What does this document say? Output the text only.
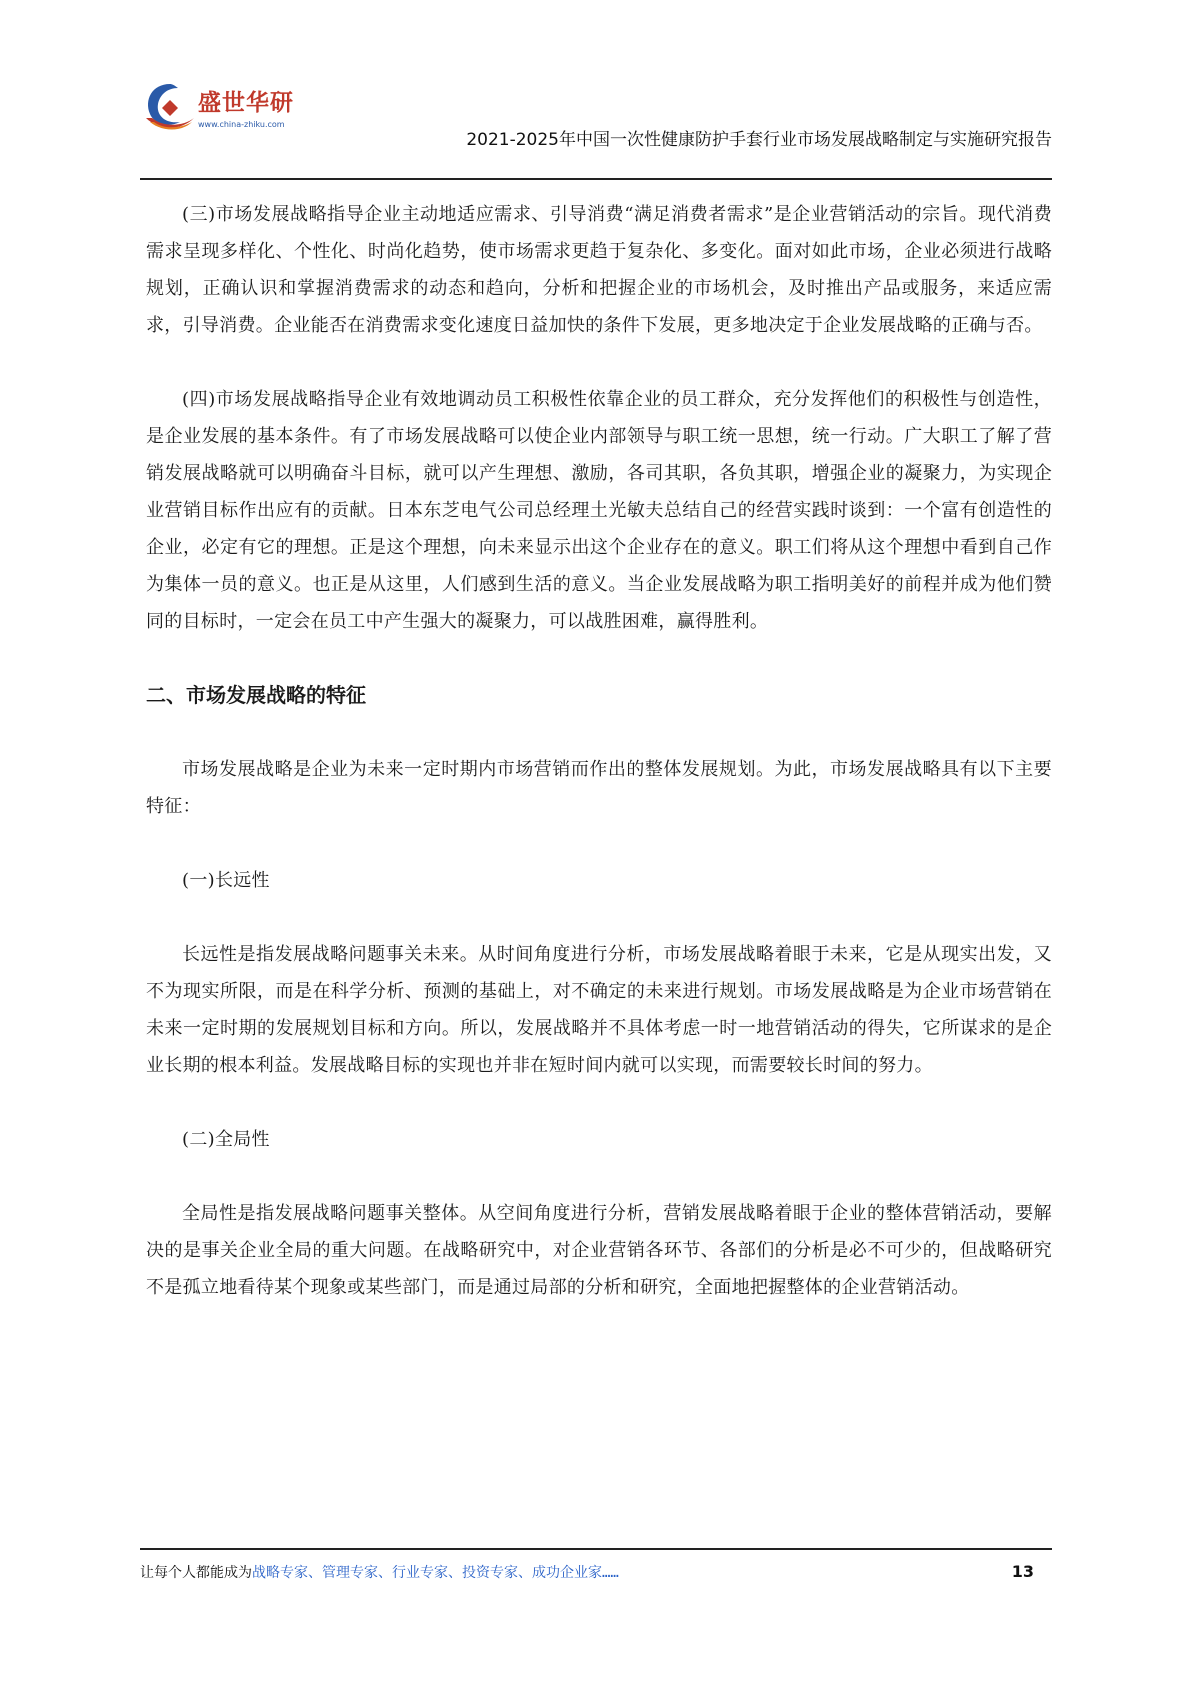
盛世华研
www.china-zhiku.com
2021-2025年中国一次性健康防护手套行业市场发展战略制定与实施研究报告

(三)市场发展战略指导企业主动地适应需求、引导消费“满足消费者需求”是企业营销活动的宗旨。现代消费需求呈现多样化、个性化、时尚化趋势，使市场需求更趋于复杂化、多变化。面对如此市场，企业必须进行战略规划，正确认识和掌握消费需求的动态和趋向，分析和把握企业的市场机会，及时推出产品或服务，来适应需求，引导消费。企业能否在消费需求变化速度日益加快的条件下发展，更多地决定于企业发展战略的正确与否。

(四)市场发展战略指导企业有效地调动员工积极性依靠企业的员工群众，充分发挥他们的积极性与创造性，是企业发展的基本条件。有了市场发展战略可以使企业内部领导与职工统一思想，统一行动。广大职工了解了营销发展战略就可以明确奋斗目标，就可以产生理想、激励，各司其职，各负其职，增强企业的凝聚力，为实现企业营销目标作出应有的贡献。日本东芝电气公司总经理土光敏夫总结自己的经营实践时谈到：一个富有创造性的企业，必定有它的理想。正是这个理想，向未来显示出这个企业存在的意义。职工们将从这个理想中看到自己作为集体一员的意义。也正是从这里，人们感到生活的意义。当企业发展战略为职工指明美好的前程并成为他们赞同的目标时，一定会在员工中产生强大的凝聚力，可以战胜困难，赢得胜利。

二、市场发展战略的特征

市场发展战略是企业为未来一定时期内市场营销而作出的整体发展规划。为此，市场发展战略具有以下主要特征：

(一)长远性

长远性是指发展战略问题事关未来。从时间角度进行分析，市场发展战略着眼于未来，它是从现实出发，又不为现实所限，而是在科学分析、预测的基础上，对不确定的未来进行规划。市场发展战略是为企业市场营销在未来一定时期的发展规划目标和方向。所以，发展战略并不具体考虑一时一地营销活动的得失，它所谋求的是企业长期的根本利益。发展战略目标的实现也并非在短时间内就可以实现，而需要较长时间的努力。

(二)全局性

全局性是指发展战略问题事关整体。从空间角度进行分析，营销发展战略着眼于企业的整体营销活动，要解决的是事关企业全局的重大问题。在战略研究中，对企业营销各环节、各部们的分析是必不可少的，但战略研究不是孤立地看待某个现象或某些部门，而是通过局部的分析和研究，全面地把握整体的企业营销活动。

让每个人都能成为战略专家、管理专家、行业专家、投资专家、成功企业家……	13
